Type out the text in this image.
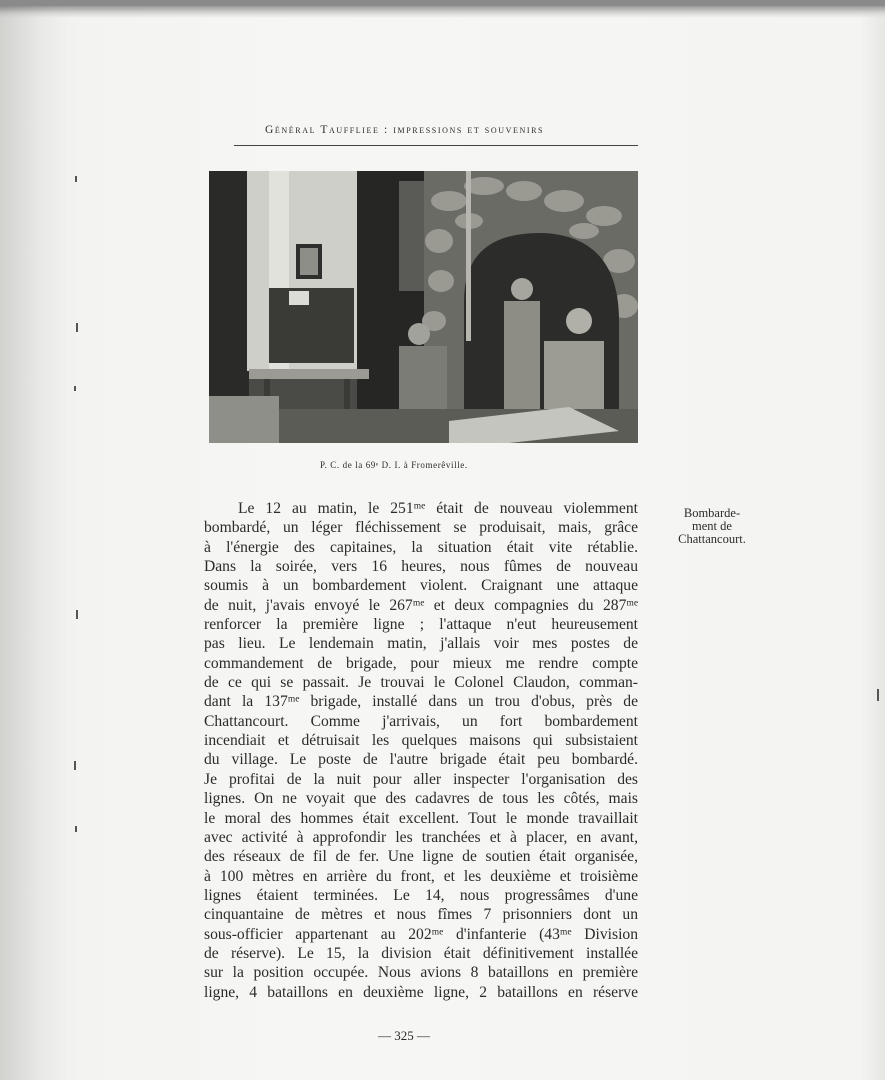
Général Tauffliee : impressions et souvenirs
P. C. de la 69ᵉ D. I. à Fromerêville.
Bombarde-
ment de
Chattancourt.
Le 12 au matin, le 251ᵐᵉ était de nouveau violemment
bombardé, un léger fléchissement se produisait, mais, grâce
à l'énergie des capitaines, la situation était vite rétablie.
Dans la soirée, vers 16 heures, nous fûmes de nouveau
soumis à un bombardement violent. Craignant une attaque
de nuit, j'avais envoyé le 267ᵐᵉ et deux compagnies du 287ᵐᵉ
renforcer la première ligne ; l'attaque n'eut heureusement
pas lieu. Le lendemain matin, j'allais voir mes postes de
commandement de brigade, pour mieux me rendre compte
de ce qui se passait. Je trouvai le Colonel Claudon, comman-
dant la 137ᵐᵉ brigade, installé dans un trou d'obus, près de
Chattancourt. Comme j'arrivais, un fort bombardement
incendiait et détruisait les quelques maisons qui subsistaient
du village. Le poste de l'autre brigade était peu bombardé.
Je profitai de la nuit pour aller inspecter l'organisation des
lignes. On ne voyait que des cadavres de tous les côtés, mais
le moral des hommes était excellent. Tout le monde travaillait
avec activité à approfondir les tranchées et à placer, en avant,
des réseaux de fil de fer. Une ligne de soutien était organisée,
à 100 mètres en arrière du front, et les deuxième et troisième
lignes étaient terminées. Le 14, nous progressâmes d'une
cinquantaine de mètres et nous fîmes 7 prisonniers dont un
sous-officier appartenant au 202ᵐᵉ d'infanterie (43ᵐᵉ Division
de réserve). Le 15, la division était définitivement installée
sur la position occupée. Nous avions 8 bataillons en première
ligne, 4 bataillons en deuxième ligne, 2 bataillons en réserve
— 325 —
